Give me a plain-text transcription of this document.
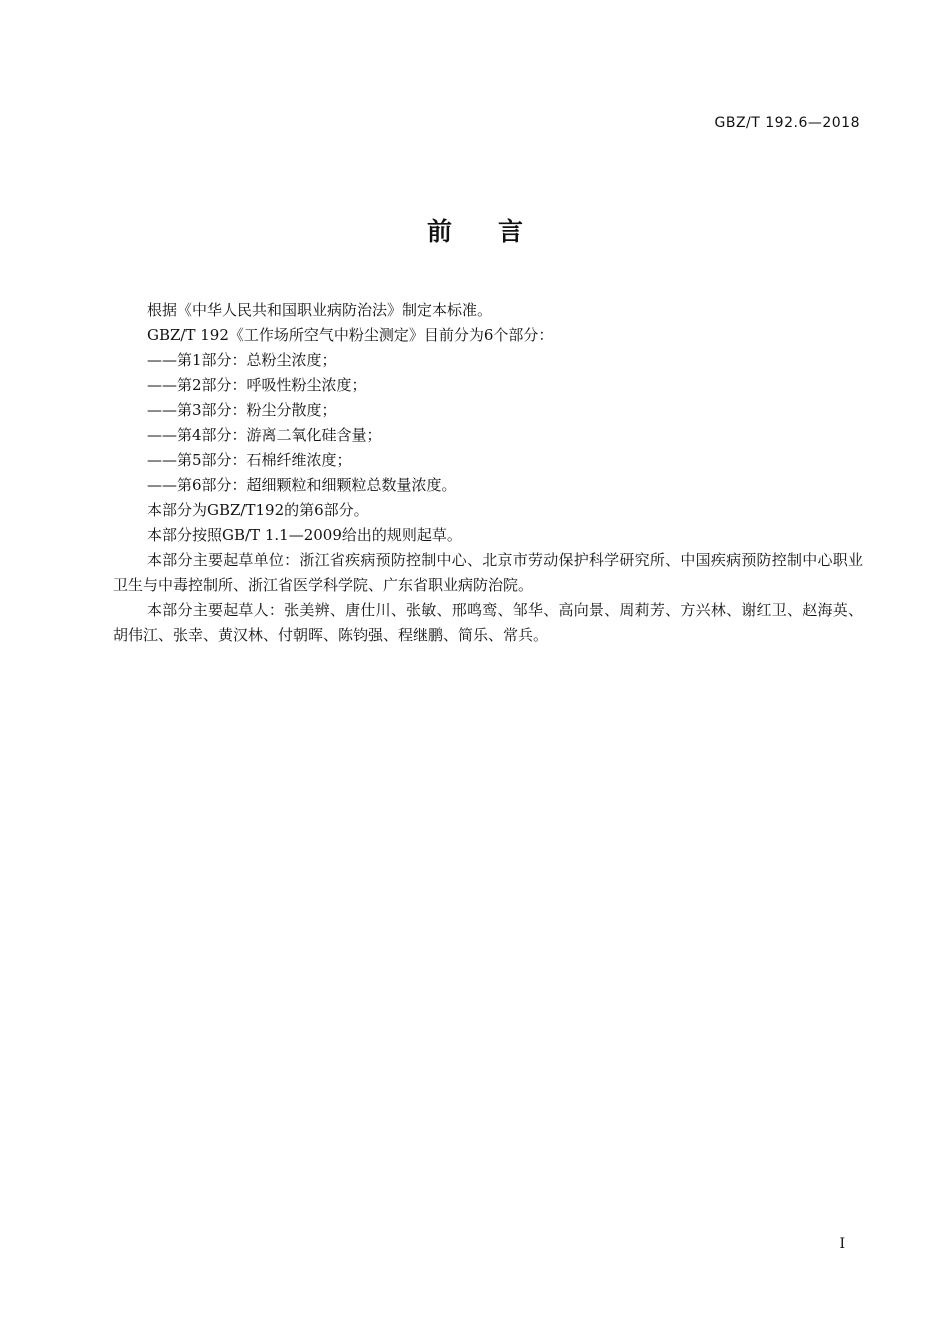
GBZ/T 192.6—2018
前 言

根据《中华人民共和国职业病防治法》制定本标准。

GBZ/T 192《工作场所空气中粉尘测定》目前分为6个部分：

——第1部分：总粉尘浓度；

——第2部分：呼吸性粉尘浓度；

——第3部分：粉尘分散度；

——第4部分：游离二氧化硅含量；

——第5部分：石棉纤维浓度；

——第6部分：超细颗粒和细颗粒总数量浓度。

本部分为GBZ/T192的第6部分。

本部分按照GB/T 1.1—2009给出的规则起草。

本部分主要起草单位：浙江省疾病预防控制中心、北京市劳动保护科学研究所、中国疾病预防控制中心职业卫生与中毒控制所、浙江省医学科学院、广东省职业病防治院。

本部分主要起草人：张美辨、唐仕川、张敏、邢鸣鸾、邹华、高向景、周莉芳、方兴林、谢红卫、赵海英、胡伟江、张幸、黄汉林、付朝晖、陈钧强、程继鹏、简乐、常兵。

I
